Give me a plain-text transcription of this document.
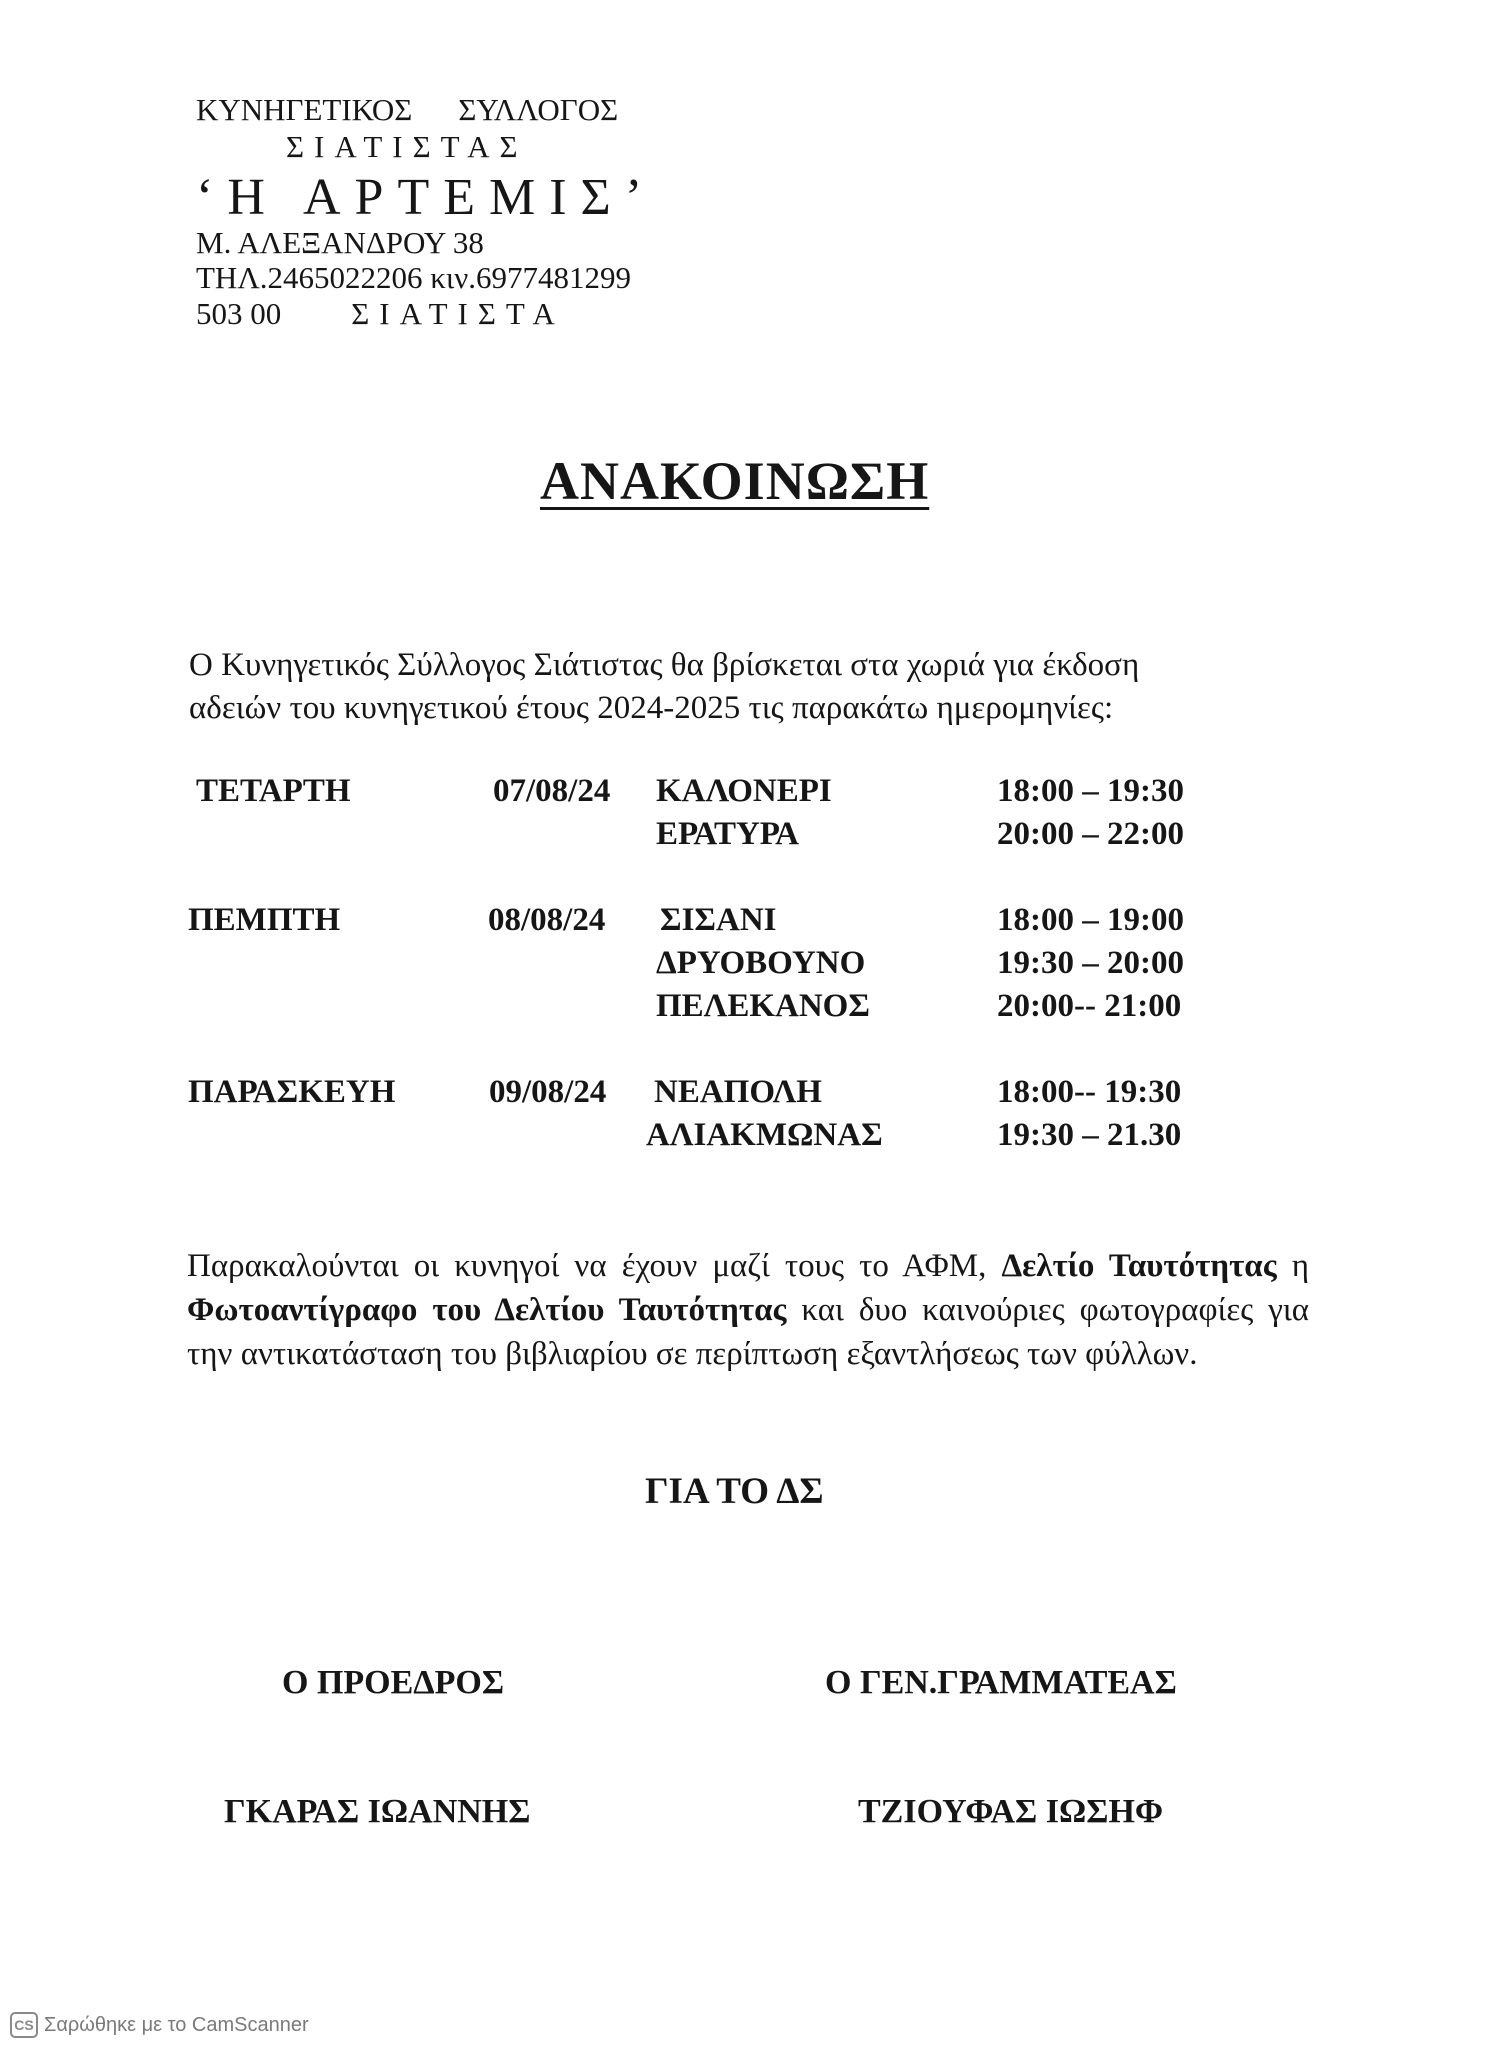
ΚΥΝΗΓΕΤΙΚΟΣ ΣΥΛΛΟΓΟΣ
ΣΙΑΤΙΣΤΑΣ
‘Η ΑΡΤΕΜΙΣ’
Μ. ΑΛΕΞΑΝΔΡΟΥ 38
ΤΗΛ.2465022206 κιν.6977481299
503 00 ΣΙΑΤΙΣΤΑ
ΑΝΑΚΟΙΝΩΣΗ
Ο Κυνηγετικός Σύλλογος Σιάτιστας θα βρίσκεται στα χωριά για έκδοση
αδειών του κυνηγετικού έτους 2024-2025 τις παρακάτω ημερομηνίες:
ΤΕΤΑΡΤΗ	07/08/24 ΚΑΛΟΝΕΡΙ	18:00 – 19:30
ΕΡΑΤΥΡΑ	20:00 – 22:00
ΠΕΜΠΤΗ	08/08/24 ΣΙΣΑΝΙ	18:00 – 19:00
ΔΡΥΟΒΟΥΝΟ	19:30 – 20:00
ΠΕΛΕΚΑΝΟΣ	20:00-- 21:00
ΠΑΡΑΣΚΕΥΗ	09/08/24 ΝΕΑΠΟΛΗ	18:00-- 19:30
ΑΛΙΑΚΜΩΝΑΣ	19:30 – 21.30
Παρακαλούνται οι κυνηγοί να έχουν μαζί τους το ΑΦΜ, Δελτίο Ταυτότητας η Φωτοαντίγραφο του Δελτίου Ταυτότητας και δυο καινούριες φωτογραφίες για την αντικατάσταση του βιβλιαρίου σε περίπτωση εξαντλήσεως των φύλλων.
ΓΙΑ ΤΟ ΔΣ
Ο ΠΡΟΕΔΡΟΣ	Ο ΓΕΝ.ΓΡΑΜΜΑΤΕΑΣ
ΓΚΑΡΑΣ ΙΩΑΝΝΗΣ	ΤΖΙΟΥΦΑΣ ΙΩΣΗΦ
CS Σαρώθηκε με το CamScanner
